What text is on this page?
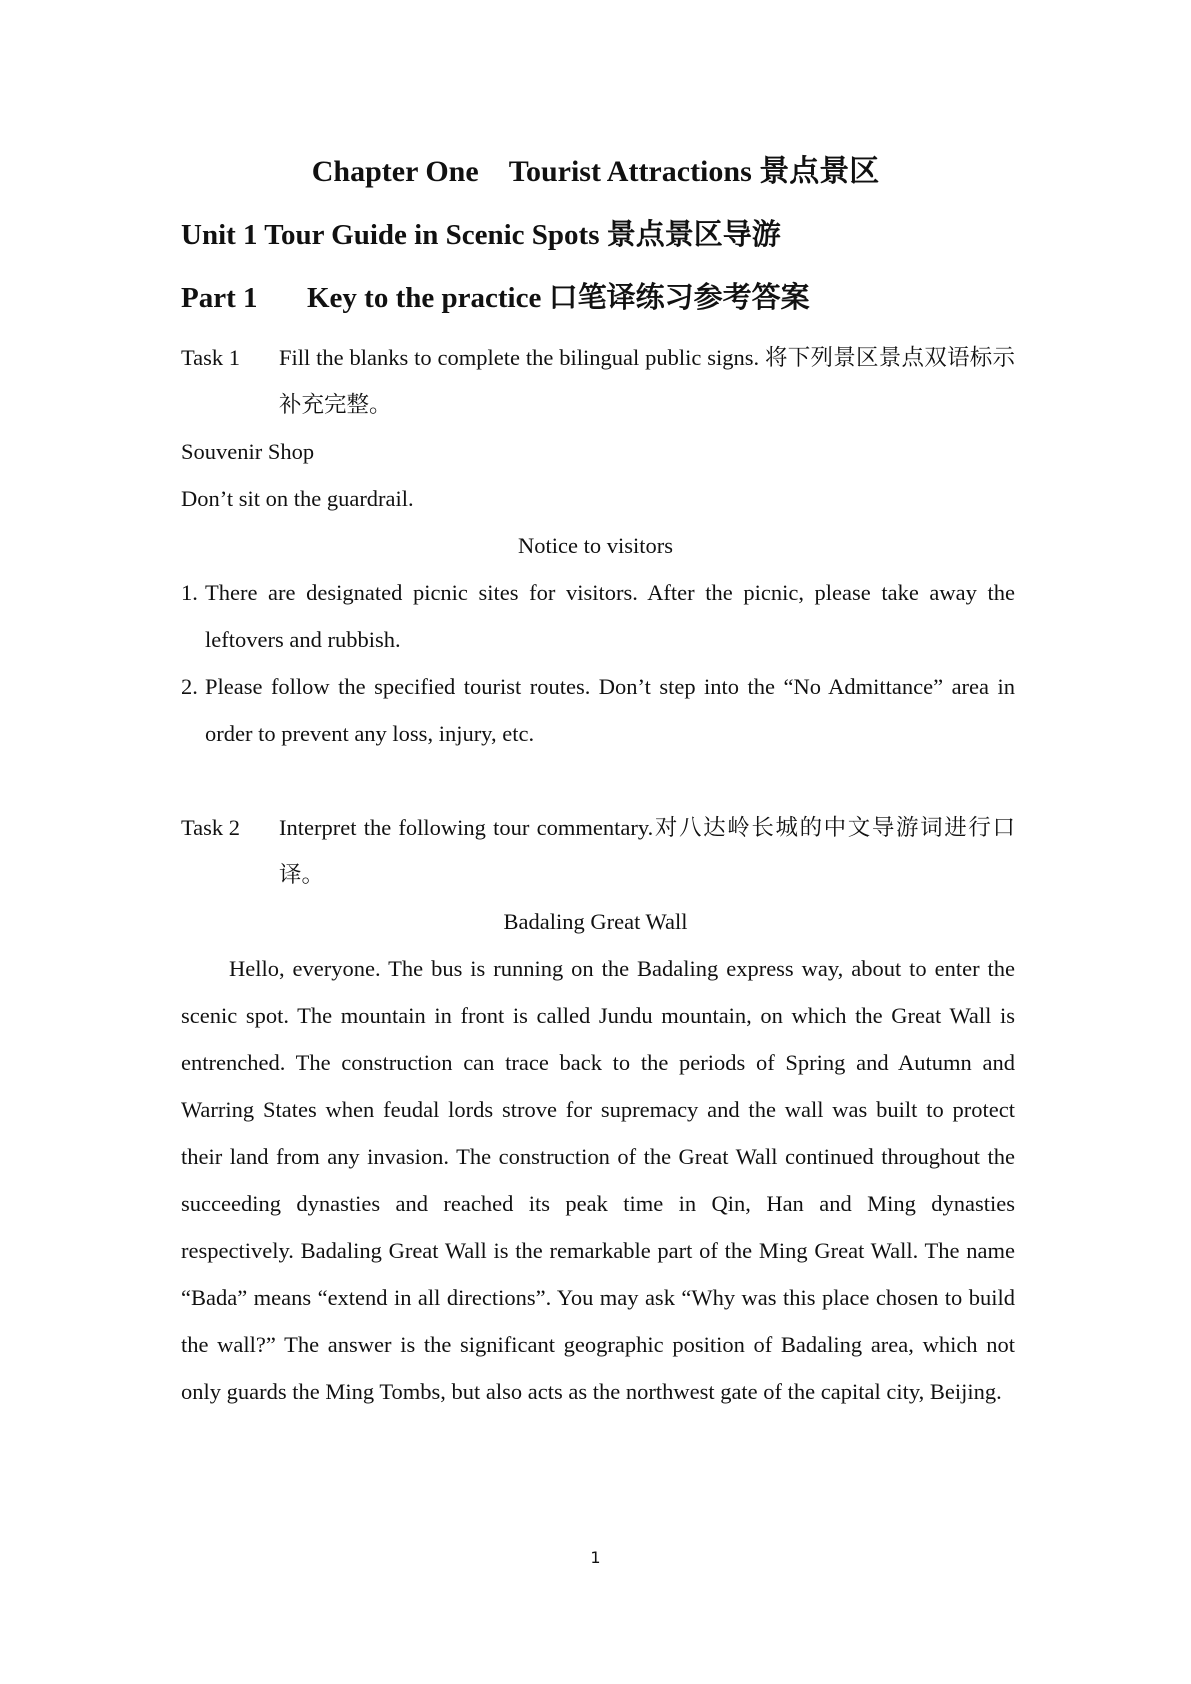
Chapter One Tourist Attractions 景点景区
Unit 1 Tour Guide in Scenic Spots 景点景区导游
Part 1 Key to the practice 口笔译练习参考答案
Task 1 Fill the blanks to complete the bilingual public signs. 将下列景区景点双语标示补充完整。
Souvenir Shop
Don’t sit on the guardrail.
Notice to visitors
1. There are designated picnic sites for visitors. After the picnic, please take away the leftovers and rubbish.
2. Please follow the specified tourist routes. Don’t step into the “No Admittance” area in order to prevent any loss, injury, etc.
Task 2 Interpret the following tour commentary.对八达岭长城的中文导游词进行口译。
Badaling Great Wall
Hello, everyone. The bus is running on the Badaling express way, about to enter the scenic spot. The mountain in front is called Jundu mountain, on which the Great Wall is entrenched. The construction can trace back to the periods of Spring and Autumn and Warring States when feudal lords strove for supremacy and the wall was built to protect their land from any invasion. The construction of the Great Wall continued throughout the succeeding dynasties and reached its peak time in Qin, Han and Ming dynasties respectively. Badaling Great Wall is the remarkable part of the Ming Great Wall. The name “Bada” means “extend in all directions”. You may ask “Why was this place chosen to build the wall?” The answer is the significant geographic position of Badaling area, which not only guards the Ming Tombs, but also acts as the northwest gate of the capital city, Beijing.
1
